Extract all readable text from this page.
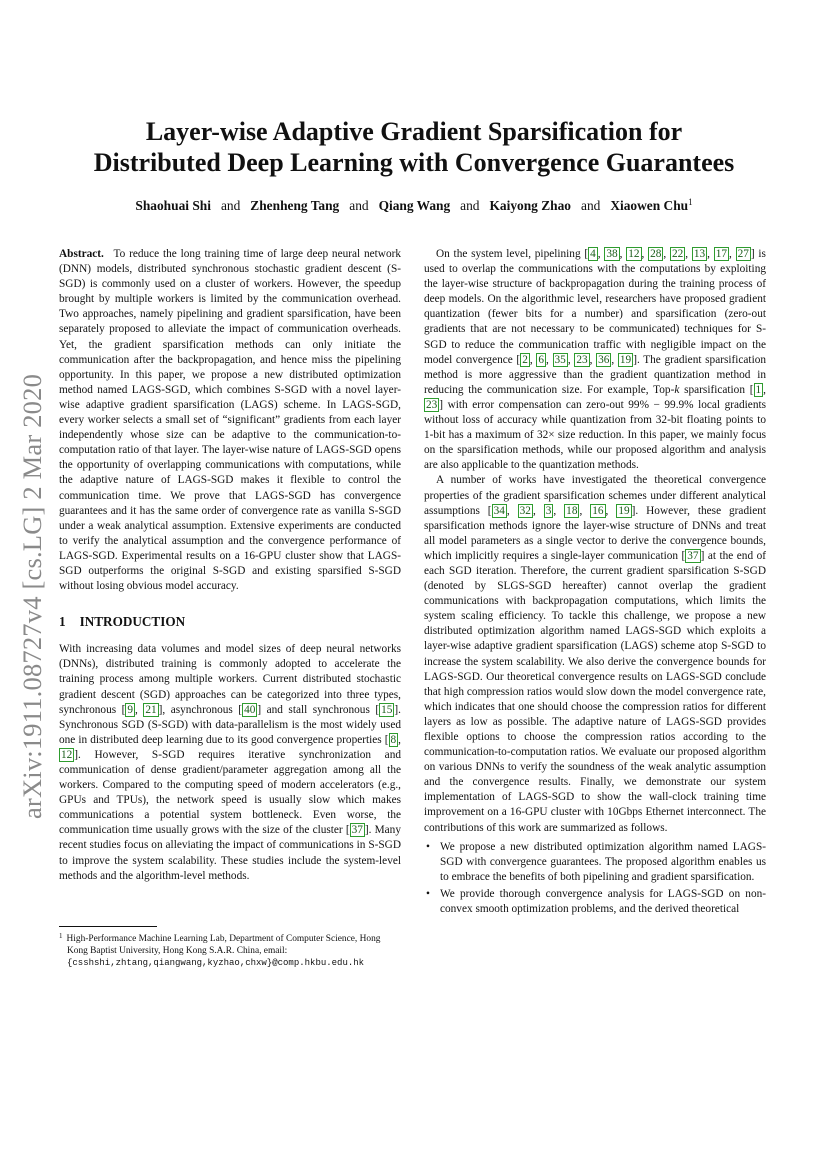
arXiv:1911.08727v4 [cs.LG] 2 Mar 2020
Layer-wise Adaptive Gradient Sparsification for
Distributed Deep Learning with Convergence Guarantees
Shaohuai Shi and Zhenheng Tang and Qiang Wang and Kaiyong Zhao and Xiaowen Chu$^1$

Abstract. To reduce the long training time of large deep neural network (DNN) models, distributed synchronous stochastic gradient descent (S-SGD) is commonly used on a cluster of workers. However, the speedup brought by multiple workers is limited by the communication overhead. Two approaches, namely pipelining and gradient sparsification, have been separately proposed to alleviate the impact of communication overheads. Yet, the gradient sparsification methods can only initiate the communication after the backpropagation, and hence miss the pipelining opportunity. In this paper, we propose a new distributed optimization method named LAGS-SGD, which combines S-SGD with a novel layer-wise adaptive gradient sparsification (LAGS) scheme. In LAGS-SGD, every worker selects a small set of “significant” gradients from each layer independently whose size can be adaptive to the communication-to-computation ratio of that layer. The layer-wise nature of LAGS-SGD opens the opportunity of overlapping communications with computations, while the adaptive nature of LAGS-SGD makes it flexible to control the communication time. We prove that LAGS-SGD has convergence guarantees and it has the same order of convergence rate as vanilla S-SGD under a weak analytical assumption. Extensive experiments are conducted to verify the analytical assumption and the convergence performance of LAGS-SGD. Experimental results on a 16-GPU cluster show that LAGS-SGD outperforms the original S-SGD and existing sparsified S-SGD without losing obvious model accuracy.

1 INTRODUCTION

With increasing data volumes and model sizes of deep neural networks (DNNs), distributed training is commonly adopted to accelerate the training process among multiple workers. Current distributed stochastic gradient descent (SGD) approaches can be categorized into three types, synchronous [ 9 , 21 ], asynchronous [ 40 ] and stall synchronous [ 15 ]. Synchronous SGD (S-SGD) with data-parallelism is the most widely used one in distributed deep learning due to its good convergence properties [ 8 , 12 ]. However, S-SGD requires iterative synchronization and communication of dense gradient/parameter aggregation among all the workers. Compared to the computing speed of modern accelerators (e.g., GPUs and TPUs), the network speed is usually slow which makes communications a potential system bottleneck. Even worse, the communication time usually grows with the size of the cluster [ 37 ]. Many recent studies focus on alleviating the impact of communications in S-SGD to improve the system scalability. These studies include the system-level methods and the algorithm-level methods.

$^1$ High-Performance Machine Learning Lab, Department of Computer Science, Hong Kong Baptist University, Hong Kong S.A.R. China, email: {csshshi,zhtang,qiangwang,kyzhao,chxw}@comp.hkbu.edu.hk

On the system level, pipelining [ 4 , 38 , 12 , 28 , 22 , 13 , 17 , 27 ] is used to overlap the communications with the computations by exploiting the layer-wise structure of backpropagation during the training process of deep models. On the algorithmic level, researchers have proposed gradient quantization (fewer bits for a number) and sparsification (zero-out gradients that are not necessary to be communicated) techniques for S-SGD to reduce the communication traffic with negligible impact on the model convergence [ 2 , 6 , 35 , 23 , 36 , 19 ]. The gradient sparsification method is more aggressive than the gradient quantization method in reducing the communication size. For example, Top-k sparsification [ 1 , 23 ] with error compensation can zero-out 99% − 99.9% local gradients without loss of accuracy while quantization from 32-bit floating points to 1-bit has a maximum of 32× size reduction. In this paper, we mainly focus on the sparsification methods, while our proposed algorithm and analysis are also applicable to the quantization methods.

A number of works have investigated the theoretical convergence properties of the gradient sparsification schemes under different analytical assumptions [ 34 , 32 , 3 , 18 , 16 , 19 ]. However, these gradient sparsification methods ignore the layer-wise structure of DNNs and treat all model parameters as a single vector to derive the convergence bounds, which implicitly requires a single-layer communication [ 37 ] at the end of each SGD iteration. Therefore, the current gradient sparsification S-SGD (denoted by SLGS-SGD hereafter) cannot overlap the gradient communications with backpropagation computations, which limits the system scaling efficiency. To tackle this challenge, we propose a new distributed optimization algorithm named LAGS-SGD which exploits a layer-wise adaptive gradient sparsification (LAGS) scheme atop S-SGD to increase the system scalability. We also derive the convergence bounds for LAGS-SGD. Our theoretical convergence results on LAGS-SGD conclude that high compression ratios would slow down the model convergence rate, which indicates that one should choose the compression ratios for different layers as low as possible. The adaptive nature of LAGS-SGD provides flexible options to choose the compression ratios according to the communication-to-computation ratios. We evaluate our proposed algorithm on various DNNs to verify the soundness of the weak analytic assumption and the convergence results. Finally, we demonstrate our system implementation of LAGS-SGD to show the wall-clock training time improvement on a 16-GPU cluster with 10Gbps Ethernet interconnect. The contributions of this work are summarized as follows.

• We propose a new distributed optimization algorithm named LAGS-SGD with convergence guarantees. The proposed algorithm enables us to embrace the benefits of both pipelining and gradient sparsification.
• We provide thorough convergence analysis for LAGS-SGD on non-convex smooth optimization problems, and the derived theoretical
